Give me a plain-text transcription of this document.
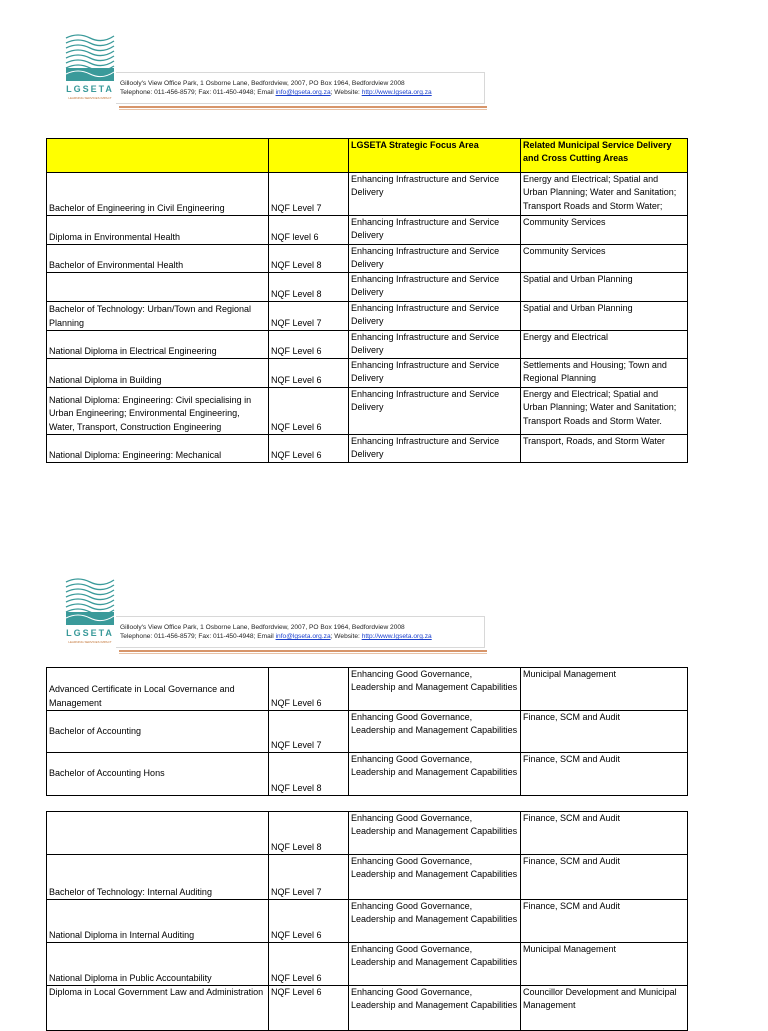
LGSETA
LEARNING SERVICES IMPACT
Gillooly's View Office Park, 1 Osborne Lane, Bedfordview, 2007, PO Box 1964, Bedfordview 2008
Telephone: 011-456-8579; Fax: 011-450-4948; Email info@lgseta.org.za; Website: http://www.lgseta.org.za
		LGSETA Strategic Focus Area	Related Municipal Service Delivery and Cross Cutting Areas
Bachelor of Engineering in Civil Engineering	NQF Level 7	Enhancing Infrastructure and Service Delivery	Energy and Electrical; Spatial and Urban Planning; Water and Sanitation; Transport Roads and Storm Water;
Diploma in Environmental Health	NQF level 6	Enhancing Infrastructure and Service Delivery	Community Services
Bachelor of Environmental Health	NQF Level 8	Enhancing Infrastructure and Service Delivery	Community Services
	NQF Level 8	Enhancing Infrastructure and Service Delivery	Spatial and Urban Planning
Bachelor of Technology: Urban/Town and Regional Planning	NQF Level 7	Enhancing Infrastructure and Service Delivery	Spatial and Urban Planning
National Diploma in Electrical Engineering	NQF Level 6	Enhancing Infrastructure and Service Delivery	Energy and Electrical
National Diploma in Building	NQF Level 6	Enhancing Infrastructure and Service Delivery	Settlements and Housing; Town and Regional Planning
National Diploma: Engineering: Civil specialising in Urban Engineering; Environmental Engineering, Water, Transport, Construction Engineering	NQF Level 6	Enhancing Infrastructure and Service Delivery	Energy and Electrical; Spatial and Urban Planning; Water and Sanitation; Transport Roads and Storm Water.
National Diploma: Engineering: Mechanical	NQF Level 6	Enhancing Infrastructure and Service Delivery	Transport, Roads, and Storm Water
LGSETA
LEARNING SERVICES IMPACT
Gillooly's View Office Park, 1 Osborne Lane, Bedfordview, 2007, PO Box 1964, Bedfordview 2008
Telephone: 011-456-8579; Fax: 011-450-4948; Email info@lgseta.org.za; Website: http://www.lgseta.org.za
Advanced Certificate in Local Governance and Management	NQF Level 6	Enhancing Good Governance, Leadership and Management Capabilities	Municipal Management
Bachelor of Accounting	NQF Level 7	Enhancing Good Governance, Leadership and Management Capabilities	Finance, SCM and Audit
Bachelor of Accounting Hons	NQF Level 8	Enhancing Good Governance, Leadership and Management Capabilities	Finance, SCM and Audit
	NQF Level 8	Enhancing Good Governance, Leadership and Management Capabilities	Finance, SCM and Audit
Bachelor of Technology: Internal Auditing	NQF Level 7	Enhancing Good Governance, Leadership and Management Capabilities	Finance, SCM and Audit
National Diploma in Internal Auditing	NQF Level 6	Enhancing Good Governance, Leadership and Management Capabilities	Finance, SCM and Audit
National Diploma in Public Accountability	NQF Level 6	Enhancing Good Governance, Leadership and Management Capabilities	Municipal Management
Diploma in Local Government Law and Administration	NQF Level 6	Enhancing Good Governance, Leadership and Management Capabilities	Councillor Development and Municipal Management
